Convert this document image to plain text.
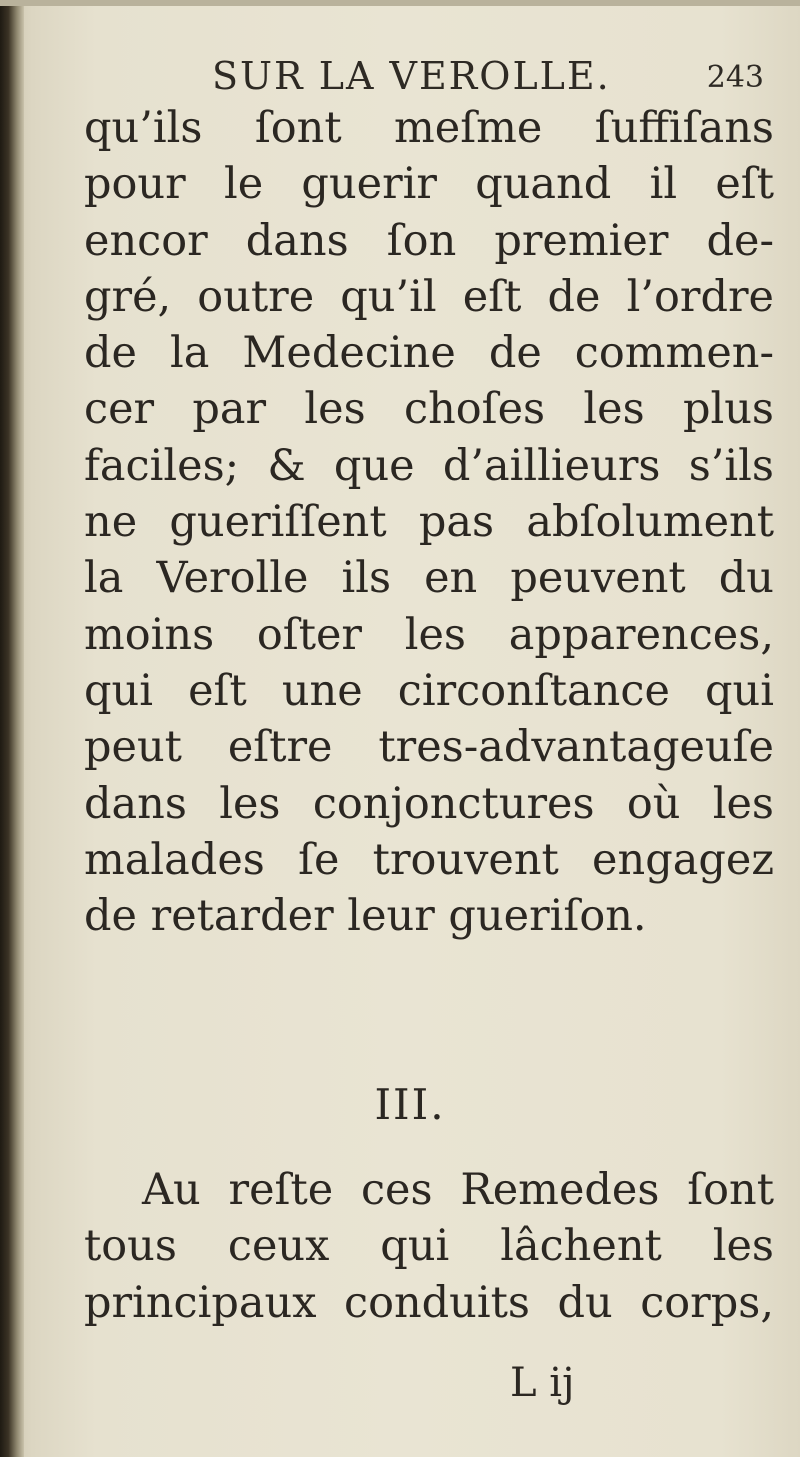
SUR LA VEROLLE.	243
qu’ils ſont meſme ſuffiſans
pour le guerir quand il eſt
encor dans ſon premier de-
gré, outre qu’il eſt de l’ordre
de la Medecine de commen-
cer par les choſes les plus
faciles; & que d’aillieurs s’ils
ne gueriſſent pas abſolument
la Verolle ils en peuvent du
moins oſter les apparences,
qui eſt une circonſtance qui
peut eſtre tres-advantageuſe
dans les conjonctures où les
malades ſe trouvent engagez
de retarder leur gueriſon.
III.
Au reſte ces Remedes ſont
tous ceux qui lâchent les
principaux conduits du corps,
L ij
